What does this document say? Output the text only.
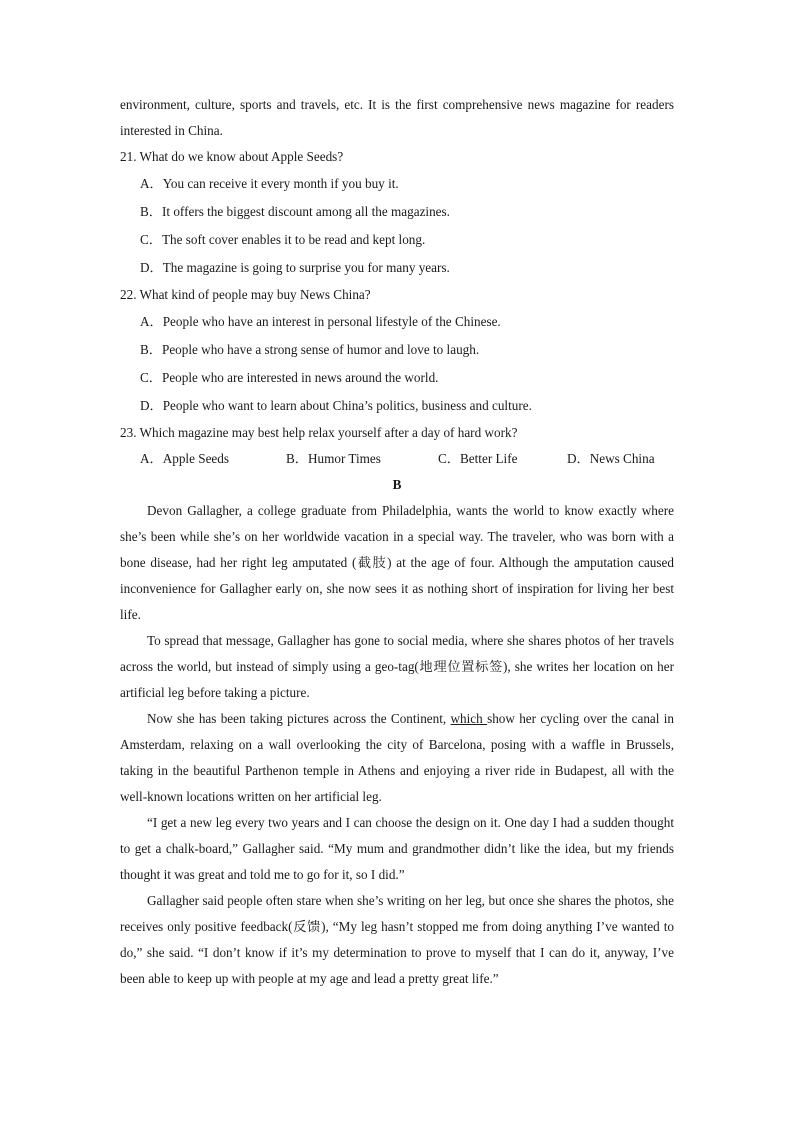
environment, culture, sports and travels, etc. It is the first comprehensive news magazine for readers interested in China.

21. What do we know about Apple Seeds?

A．You can receive it every month if you buy it.

B．It offers the biggest discount among all the magazines.

C．The soft cover enables it to be read and kept long.

D．The magazine is going to surprise you for many years.

22. What kind of people may buy News China?

A．People who have an interest in personal lifestyle of the Chinese.

B．People who have a strong sense of humor and love to laugh.

C．People who are interested in news around the world.

D．People who want to learn about China’s politics, business and culture.

23. Which magazine may best help relax yourself after a day of hard work?

A．Apple Seeds	B．Humor Times	C．Better Life	D．News China

B

Devon Gallagher, a college graduate from Philadelphia, wants the world to know exactly where she’s been while she’s on her worldwide vacation in a special way. The traveler, who was born with a bone disease, had her right leg amputated (截肢) at the age of four. Although the amputation caused inconvenience for Gallagher early on, she now sees it as nothing short of inspiration for living her best life.

To spread that message, Gallagher has gone to social media, where she shares photos of her travels across the world, but instead of simply using a geo-tag(地理位置标签), she writes her location on her artificial leg before taking a picture.

Now she has been taking pictures across the Continent, which show her cycling over the canal in Amsterdam, relaxing on a wall overlooking the city of Barcelona, posing with a waffle in Brussels, taking in the beautiful Parthenon temple in Athens and enjoying a river ride in Budapest, all with the well-known locations written on her artificial leg.

“I get a new leg every two years and I can choose the design on it. One day I had a sudden thought to get a chalk-board,” Gallagher said. “My mum and grandmother didn’t like the idea, but my friends thought it was great and told me to go for it, so I did.”

Gallagher said people often stare when she’s writing on her leg, but once she shares the photos, she receives only positive feedback(反馈), “My leg hasn’t stopped me from doing anything I’ve wanted to do,” she said. “I don’t know if it’s my determination to prove to myself that I can do it, anyway, I’ve been able to keep up with people at my age and lead a pretty great life.”
